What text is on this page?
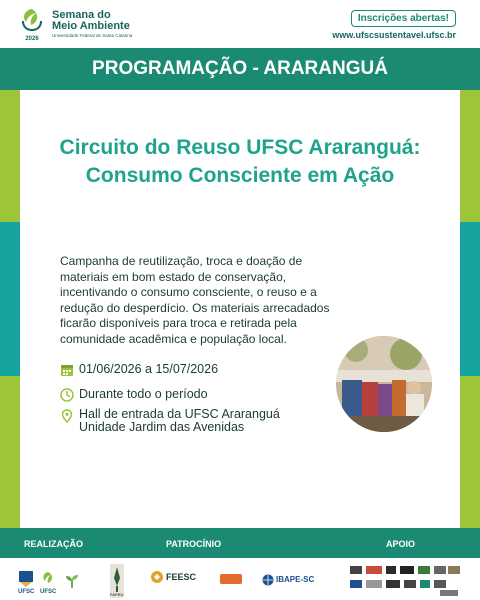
2026
Semana do
Meio Ambiente
Universidade Federal de Santa Catarina
Inscrições abertas!
www.ufscsustentavel.ufsc.br
PROGRAMAÇÃO - ARARANGUÁ
Circuito do Reuso UFSC Araranguá:
Consumo Consciente em Ação
Campanha de reutilização, troca e doação de materiais em bom estado de conservação, incentivando o consumo consciente, o reuso e a redução do desperdício. Os materiais arrecadados ficarão disponíveis para troca e retirada pela comunidade acadêmica e população local.
01/06/2026 a 15/07/2026
Durante todo o período
Hall de entrada da UFSC Araranguá
Unidade Jardim das Avenidas
REALIZAÇÃO	PATROCÍNIO	APOIO
UFSC UFSC	FAPEU
FEESC	IBAPE-SC
